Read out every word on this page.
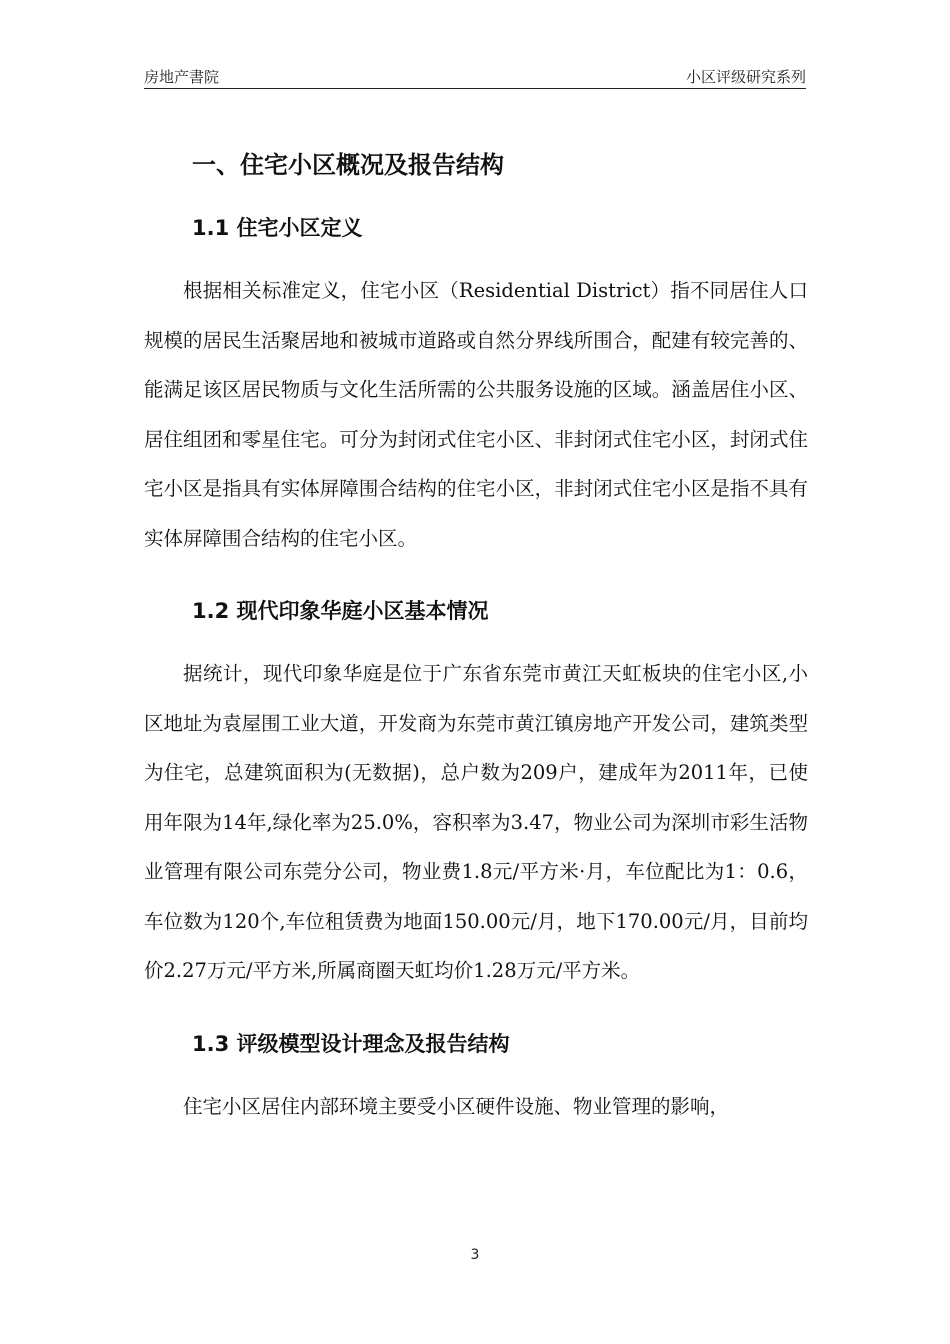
房地产書院	小区评级研究系列
一、住宅小区概况及报告结构
1.1 住宅小区定义

根据相关标准定义，住宅小区（Residential District）指不同居住人口规模的居民生活聚居地和被城市道路或自然分界线所围合，配建有较完善的、能满足该区居民物质与文化生活所需的公共服务设施的区域。涵盖居住小区、居住组团和零星住宅。可分为封闭式住宅小区、非封闭式住宅小区，封闭式住宅小区是指具有实体屏障围合结构的住宅小区，非封闭式住宅小区是指不具有实体屏障围合结构的住宅小区。

1.2 现代印象华庭小区基本情况

据统计，现代印象华庭是位于广东省东莞市黄江天虹板块的住宅小区,小区地址为袁屋围工业大道，开发商为东莞市黄江镇房地产开发公司，建筑类型为住宅，总建筑面积为(无数据)，总户数为209户，建成年为2011年，已使用年限为14年,绿化率为25.0%，容积率为3.47，物业公司为深圳市彩生活物业管理有限公司东莞分公司，物业费1.8元/平方米·月，车位配比为1：0.6，车位数为120个,车位租赁费为地面150.00元/月，地下170.00元/月，目前均价2.27万元/平方米,所属商圈天虹均价1.28万元/平方米。

1.3 评级模型设计理念及报告结构

住宅小区居住内部环境主要受小区硬件设施、物业管理的影响，

3
